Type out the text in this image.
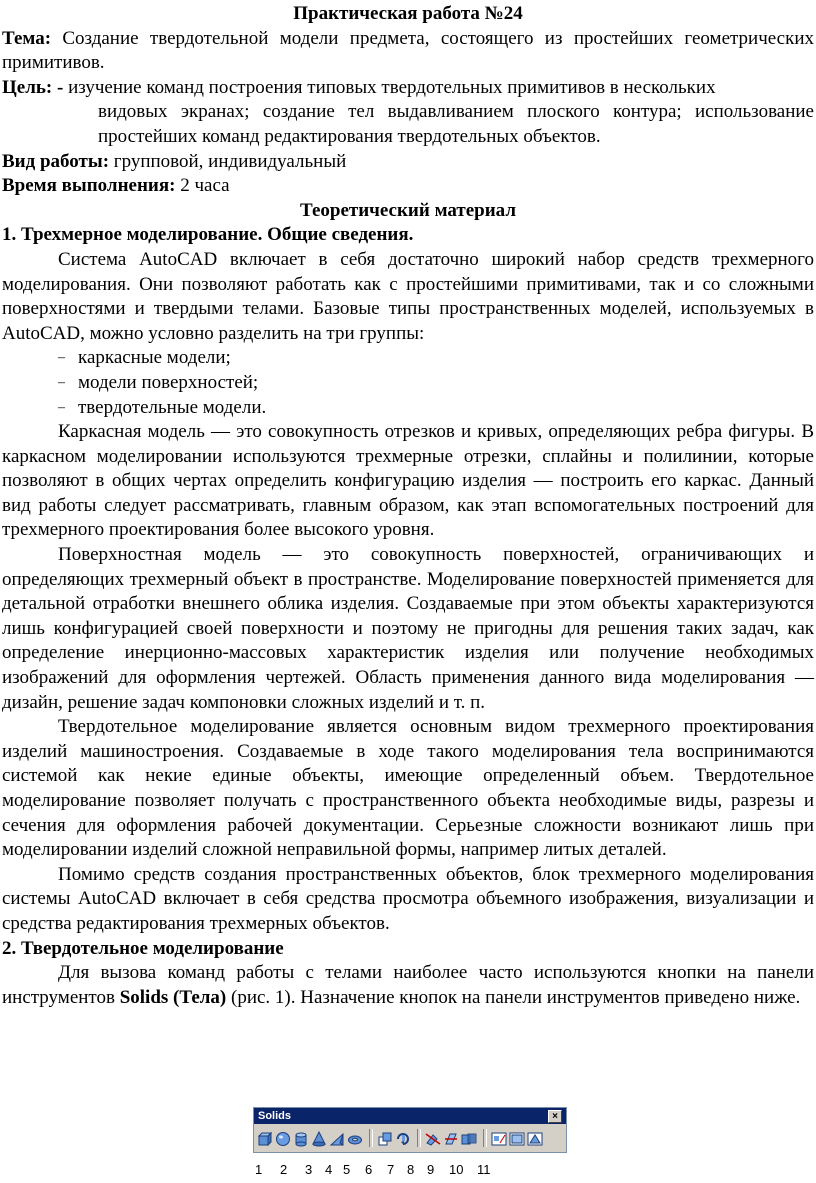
Практическая работа №24

Тема: Создание твердотельной модели предмета, состоящего из простейших геометрических примитивов.

Цель: - изучение команд построения типовых твердотельных примитивов в нескольких

видовых экранах; создание тел выдавливанием плоского контура; использование простейших команд редактирования твердотельных объектов.

Вид работы: групповой, индивидуальный

Время выполнения: 2 часа

Теоретический материал

1. Трехмерное моделирование. Общие сведения.

Система AutoCAD включает в себя достаточно широкий набор средств трехмерного моделирования. Они позволяют работать как с простейшими примитивами, так и со сложными поверхностями и твердыми телами. Базовые типы пространственных моделей, используемых в AutoCAD, можно условно разделить на три группы:

– каркасные модели;
– модели поверхностей;
– твердотельные модели.

Каркасная модель — это совокупность отрезков и кривых, определяющих ребра фигуры. В каркасном моделировании используются трехмерные отрезки, сплайны и полилинии, которые позволяют в общих чертах определить конфигурацию изделия — построить его каркас. Данный вид работы следует рассматривать, главным образом, как этап вспомогательных построений для трехмерного проектирования более высокого уровня.

Поверхностная модель — это совокупность поверхностей, ограничивающих и определяющих трехмерный объект в пространстве. Моделирование поверхностей применяется для детальной отработки внешнего облика изделия. Создаваемые при этом объекты характеризуются лишь конфигурацией своей поверхности и поэтому не пригодны для решения таких задач, как определение инерционно-массовых характеристик изделия или получение необходимых изображений для оформления чертежей. Область применения данного вида моделирования — дизайн, решение задач компоновки сложных изделий и т. п.

Твердотельное моделирование является основным видом трехмерного проектирования изделий машиностроения. Создаваемые в ходе такого моделирования тела воспринимаются системой как некие единые объекты, имеющие определенный объем. Твердотельное моделирование позволяет получать с пространственного объекта необходимые виды, разрезы и сечения для оформления рабочей документации. Серьезные сложности возникают лишь при моделировании изделий сложной неправильной формы, например литых деталей.

Помимо средств создания пространственных объектов, блок трехмерного моделирования системы AutoCAD включает в себя средства просмотра объемного изображения, визуализации и средства редактирования трехмерных объектов.

2. Твердотельное моделирование

Для вызова команд работы с телами наиболее часто используются кнопки на панели инструментов Solids (Тела) (рис. 1). Назначение кнопок на панели инструментов приведено ниже.

Solids	×
1 2 3 4 5 6 7 8 9 10 11
